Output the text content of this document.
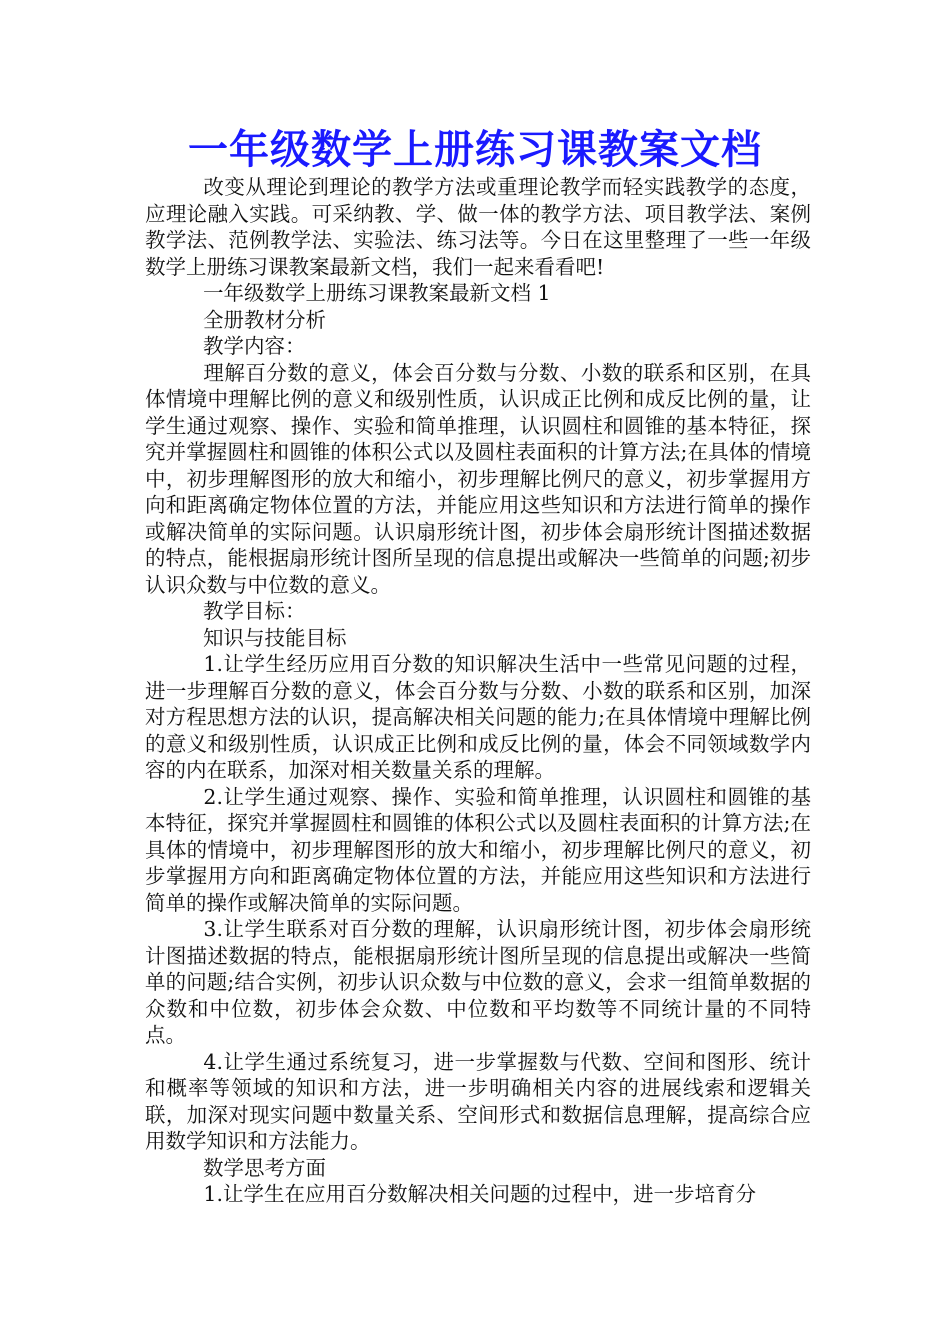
一年级数学上册练习课教案文档

改变从理论到理论的教学方法或重理论教学而轻实践教学的态度，应理论融入实践。可采纳教、学、做一体的教学方法、项目教学法、案例教学法、范例教学法、实验法、练习法等。今日在这里整理了一些一年级数学上册练习课教案最新文档，我们一起来看看吧!

一年级数学上册练习课教案最新文档 1

全册教材分析

教学内容：

理解百分数的意义，体会百分数与分数、小数的联系和区别，在具体情境中理解比例的意义和级别性质，认识成正比例和成反比例的量，让学生通过观察、操作、实验和简单推理，认识圆柱和圆锥的基本特征，探究并掌握圆柱和圆锥的体积公式以及圆柱表面积的计算方法;在具体的情境中，初步理解图形的放大和缩小，初步理解比例尺的意义，初步掌握用方向和距离确定物体位置的方法，并能应用这些知识和方法进行简单的操作或解决简单的实际问题。认识扇形统计图，初步体会扇形统计图描述数据的特点，能根据扇形统计图所呈现的信息提出或解决一些简单的问题;初步认识众数与中位数的意义。

教学目标：

知识与技能目标

1.让学生经历应用百分数的知识解决生活中一些常见问题的过程，进一步理解百分数的意义，体会百分数与分数、小数的联系和区别，加深对方程思想方法的认识，提高解决相关问题的能力;在具体情境中理解比例的意义和级别性质，认识成正比例和成反比例的量，体会不同领域数学内容的内在联系，加深对相关数量关系的理解。

2.让学生通过观察、操作、实验和简单推理，认识圆柱和圆锥的基本特征，探究并掌握圆柱和圆锥的体积公式以及圆柱表面积的计算方法;在具体的情境中，初步理解图形的放大和缩小，初步理解比例尺的意义，初步掌握用方向和距离确定物体位置的方法，并能应用这些知识和方法进行简单的操作或解决简单的实际问题。

3.让学生联系对百分数的理解，认识扇形统计图，初步体会扇形统计图描述数据的特点，能根据扇形统计图所呈现的信息提出或解决一些简单的问题;结合实例，初步认识众数与中位数的意义，会求一组简单数据的众数和中位数，初步体会众数、中位数和平均数等不同统计量的不同特点。

4.让学生通过系统复习，进一步掌握数与代数、空间和图形、统计和概率等领域的知识和方法，进一步明确相关内容的进展线索和逻辑关联，加深对现实问题中数量关系、空间形式和数据信息理解，提高综合应用数学知识和方法能力。

数学思考方面

1.让学生在应用百分数解决相关问题的过程中，进一步培育分
